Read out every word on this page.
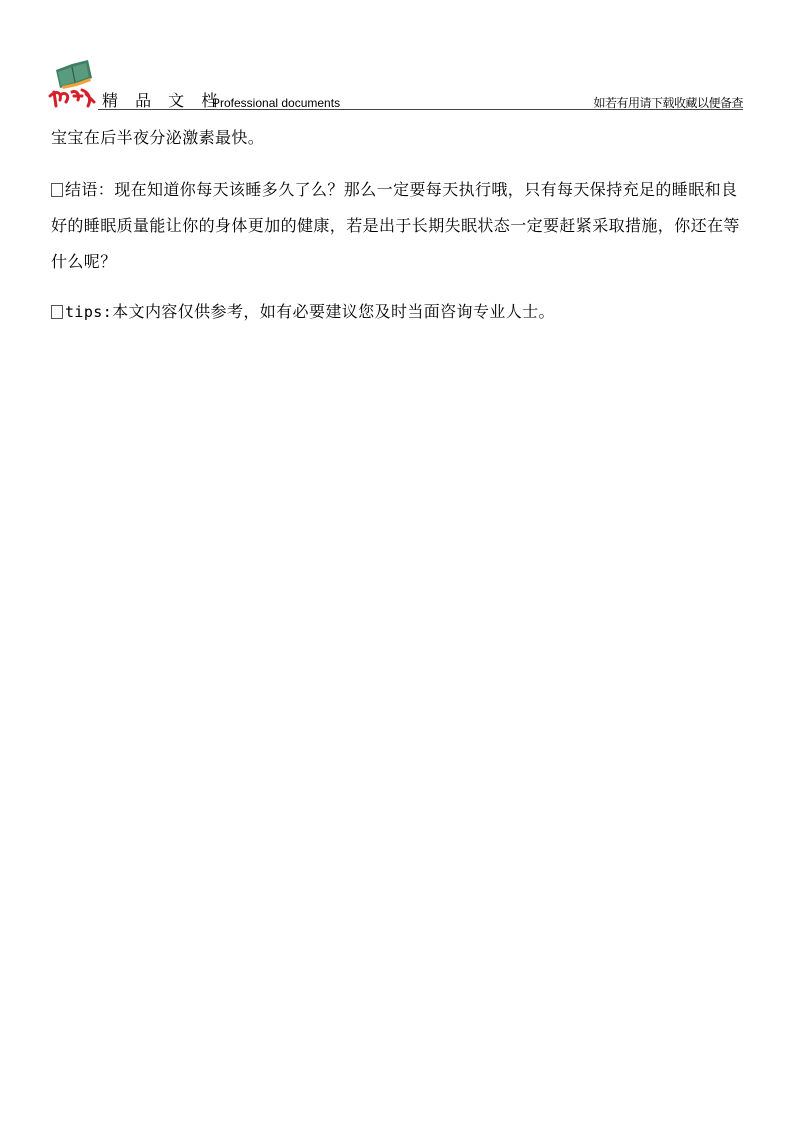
精 品 文 档
Professional documents	如若有用请下载收藏以便备查

宝宝在后半夜分泌激素最快。

结语：现在知道你每天该睡多久了么？那么一定要每天执行哦，只有每天保持充足的睡眠和良好的睡眠质量能让你的身体更加的健康，若是出于长期失眠状态一定要赶紧采取措施，你还在等什么呢？

tips:本文内容仅供参考，如有必要建议您及时当面咨询专业人士。
